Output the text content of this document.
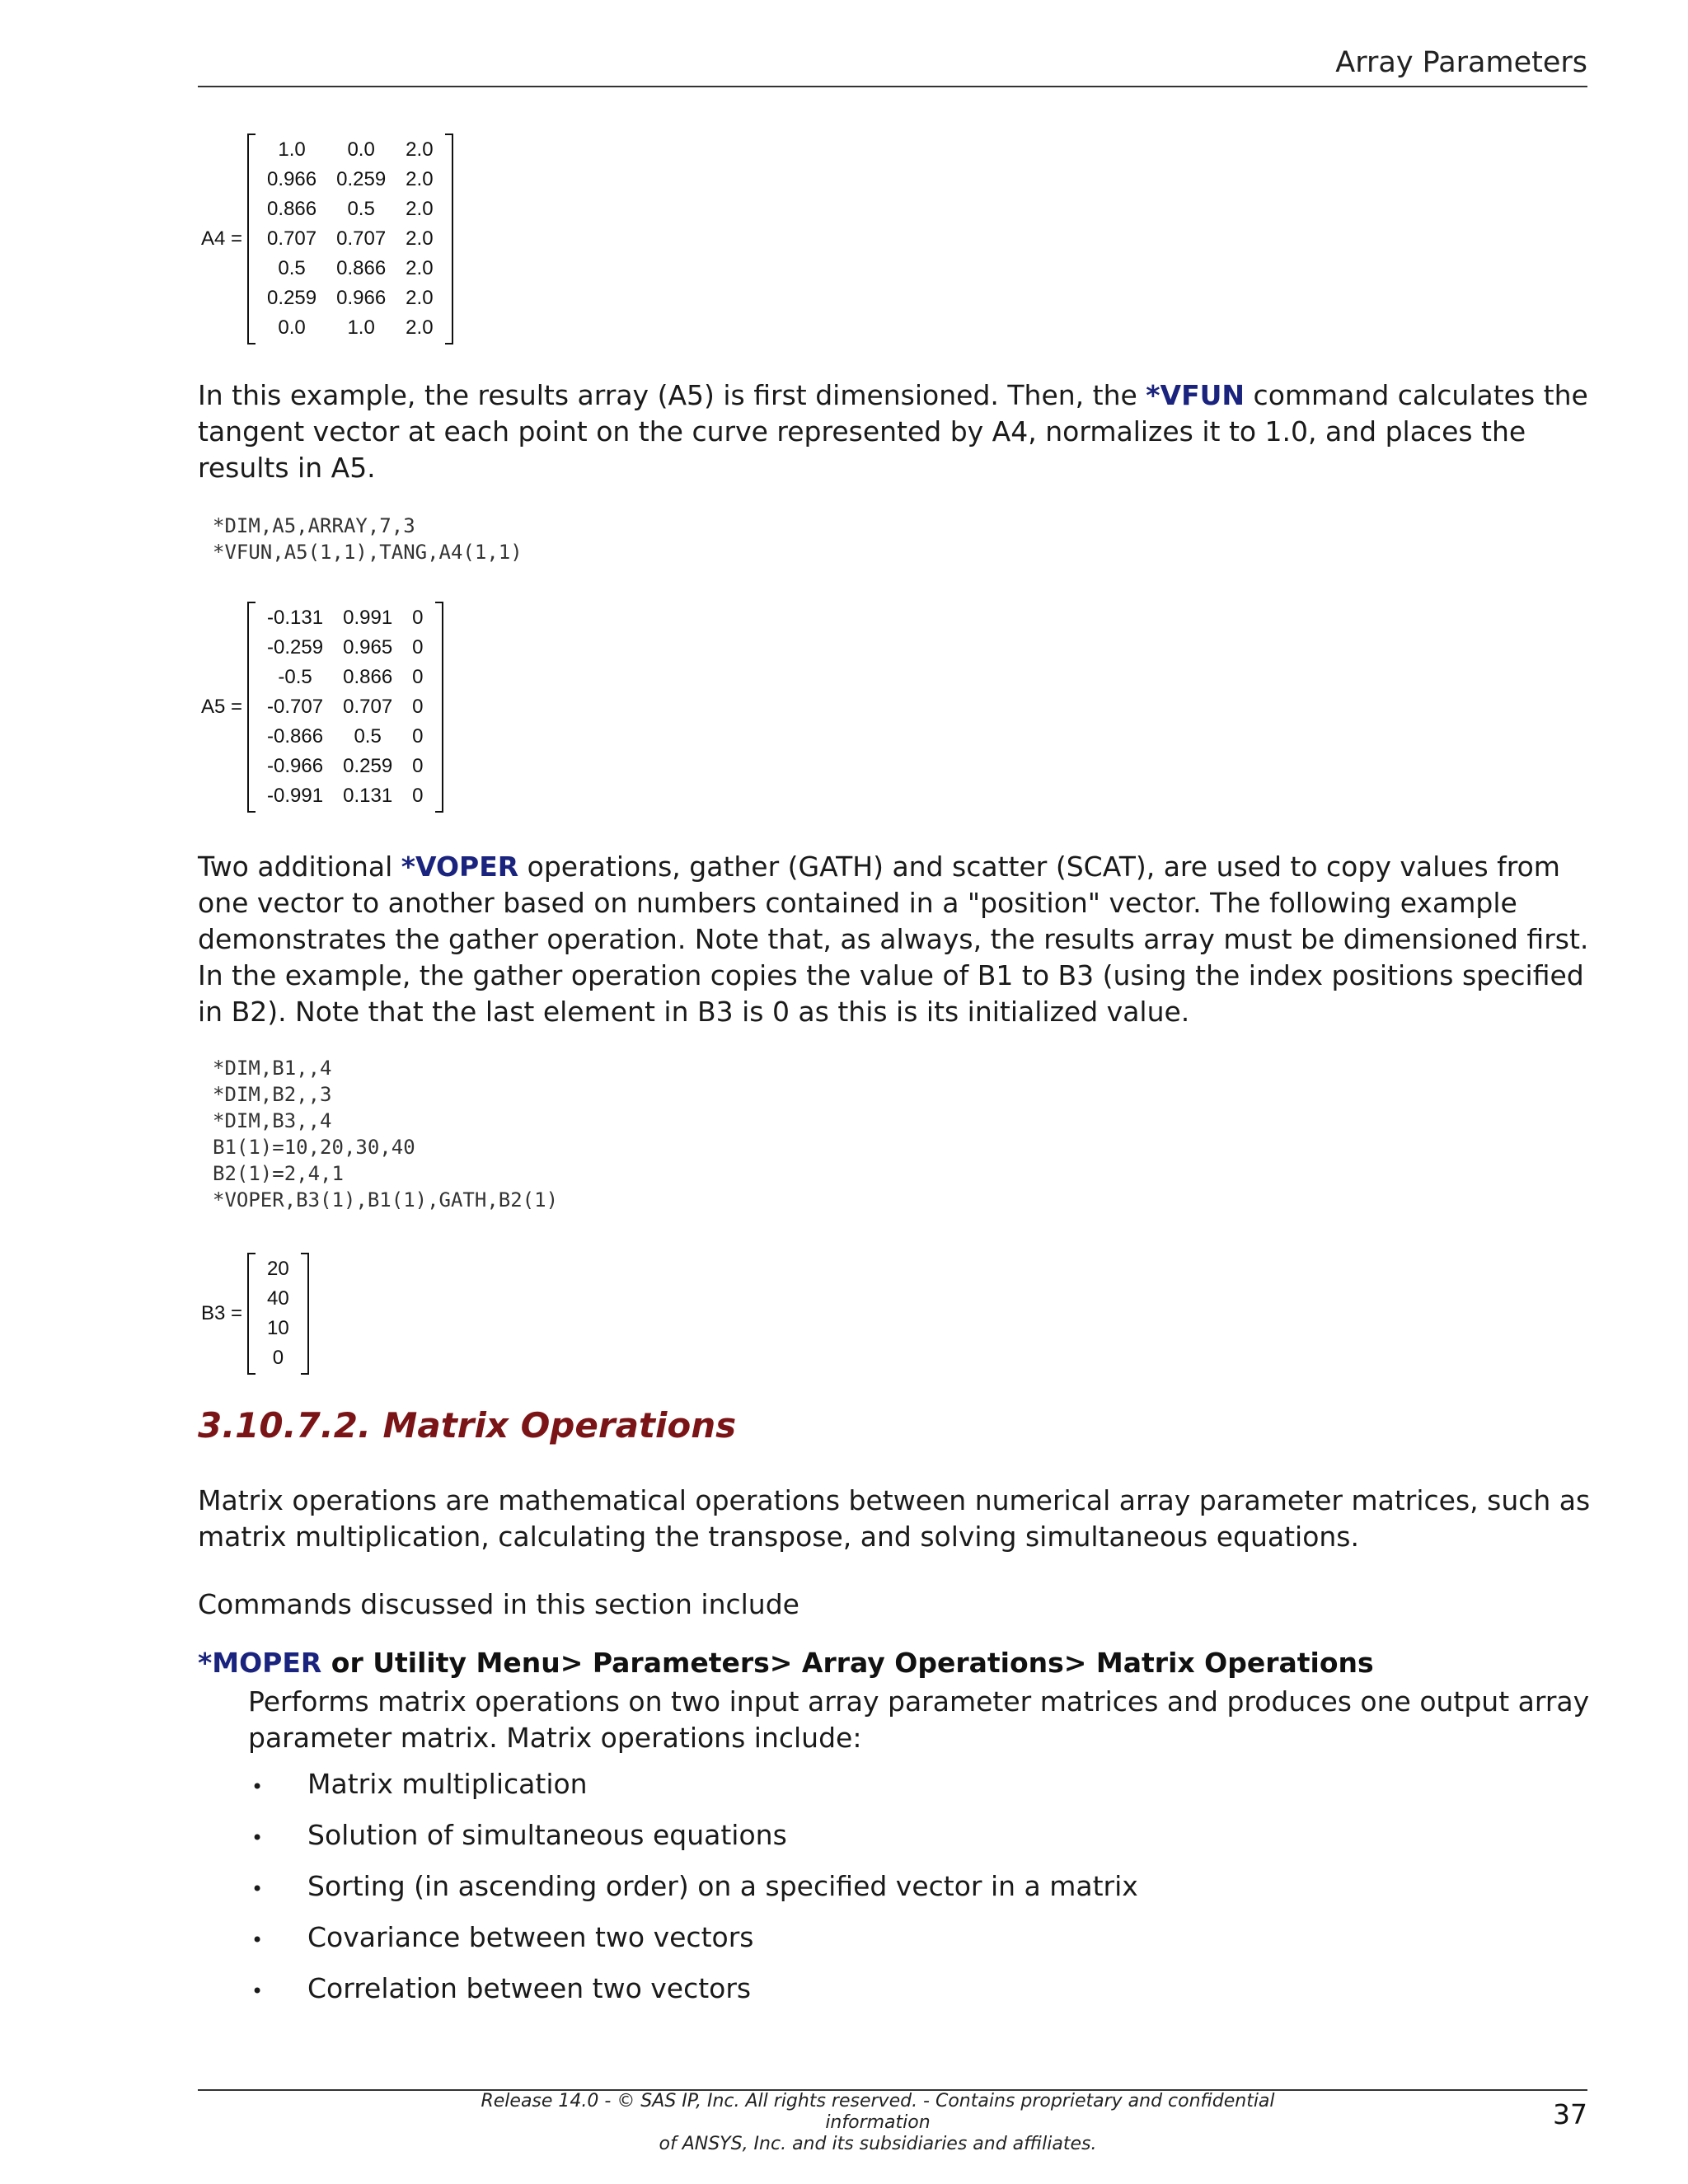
Array Parameters
A4 =
1.0	0.0	2.0
0.966	0.259	2.0
0.866	0.5	2.0
0.707	0.707	2.0
0.5	0.866	2.0
0.259	0.966	2.0
0.0	1.0	2.0
In this example, the results array (A5) is first dimensioned. Then, the *VFUN command calculates the tangent vector at each point on the curve represented by A4, normalizes it to 1.0, and places the results in A5.
*DIM,A5,ARRAY,7,3
*VFUN,A5(1,1),TANG,A4(1,1)
A5 =
-0.131	0.991	0
-0.259	0.965	0
-0.5	0.866	0
-0.707	0.707	0
-0.866	0.5	0
-0.966	0.259	0
-0.991	0.131	0
Two additional *VOPER operations, gather (GATH) and scatter (SCAT), are used to copy values from one vector to another based on numbers contained in a "position" vector. The following example demonstrates the gather operation. Note that, as always, the results array must be dimensioned first. In the example, the gather operation copies the value of B1 to B3 (using the index positions specified in B2). Note that the last element in B3 is 0 as this is its initialized value.
*DIM,B1,,4
*DIM,B2,,3
*DIM,B3,,4
B1(1)=10,20,30,40
B2(1)=2,4,1
*VOPER,B3(1),B1(1),GATH,B2(1)
B3 =
20
40
10
0
3.10.7.2. Matrix Operations
Matrix operations are mathematical operations between numerical array parameter matrices, such as matrix multiplication, calculating the transpose, and solving simultaneous equations.
Commands discussed in this section include
*MOPER or Utility Menu> Parameters> Array Operations> Matrix Operations
Performs matrix operations on two input array parameter matrices and produces one output array parameter matrix. Matrix operations include:
•	Matrix multiplication
•	Solution of simultaneous equations
•	Sorting (in ascending order) on a specified vector in a matrix
•	Covariance between two vectors
•	Correlation between two vectors
Release 14.0 - © SAS IP, Inc. All rights reserved. - Contains proprietary and confidential information
of ANSYS, Inc. and its subsidiaries and affiliates.
37
